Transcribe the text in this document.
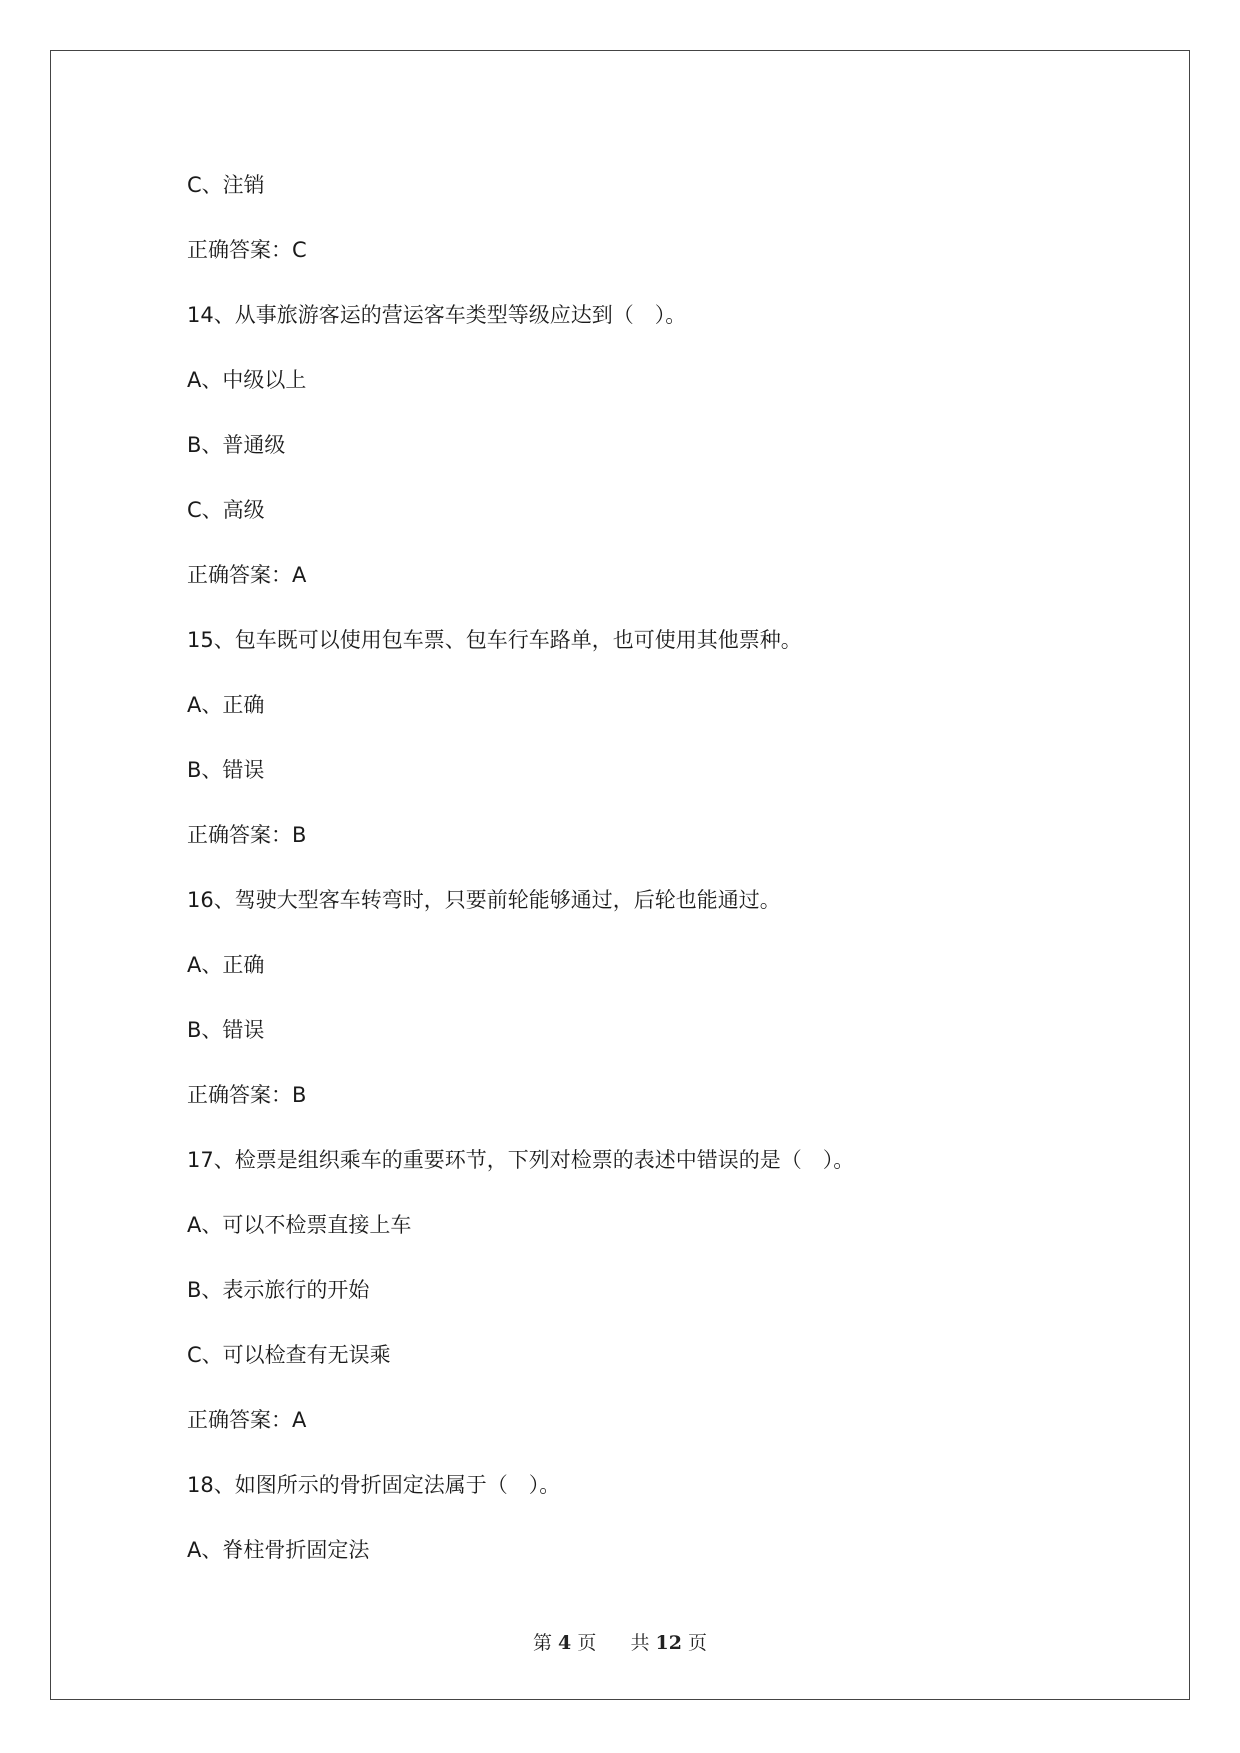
C、注销
正确答案：C
14、从事旅游客运的营运客车类型等级应达到（　）。
A、中级以上
B、普通级
C、高级
正确答案：A
15、包车既可以使用包车票、包车行车路单，也可使用其他票种。
A、正确
B、错误
正确答案：B
16、驾驶大型客车转弯时，只要前轮能够通过，后轮也能通过。
A、正确
B、错误
正确答案：B
17、检票是组织乘车的重要环节，下列对检票的表述中错误的是（　）。
A、可以不检票直接上车
B、表示旅行的开始
C、可以检查有无误乘
正确答案：A
18、如图所示的骨折固定法属于（　）。
A、脊柱骨折固定法
第 4 页 共 12 页
